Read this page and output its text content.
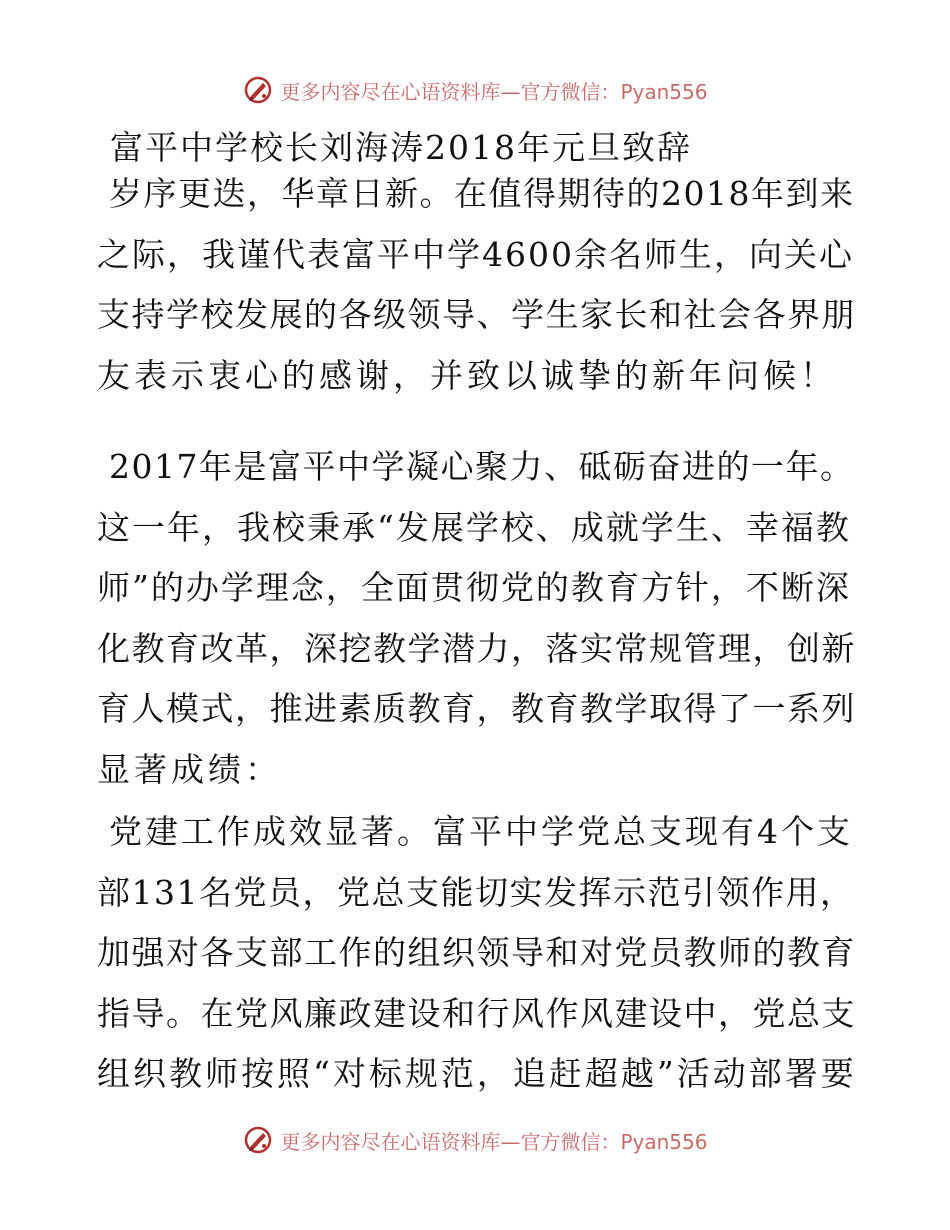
更多内容尽在心语资料库—官方微信：Pyan556
富平中学校长刘海涛2018年元旦致辞
岁序更迭，华章日新。在值得期待的2018年到来
之际，我谨代表富平中学4600余名师生，向关心
支持学校发展的各级领导、学生家长和社会各界朋
友表示衷心的感谢，并致以诚挚的新年问候！
2017年是富平中学凝心聚力、砥砺奋进的一年。
这一年，我校秉承“发展学校、成就学生、幸福教
师”的办学理念，全面贯彻党的教育方针，不断深
化教育改革，深挖教学潜力，落实常规管理，创新
育人模式，推进素质教育，教育教学取得了一系列
显著成绩：
党建工作成效显著。富平中学党总支现有4个支
部131名党员，党总支能切实发挥示范引领作用，
加强对各支部工作的组织领导和对党员教师的教育
指导。在党风廉政建设和行风作风建设中，党总支
组织教师按照“对标规范，追赶超越”活动部署要
更多内容尽在心语资料库—官方微信：Pyan556
